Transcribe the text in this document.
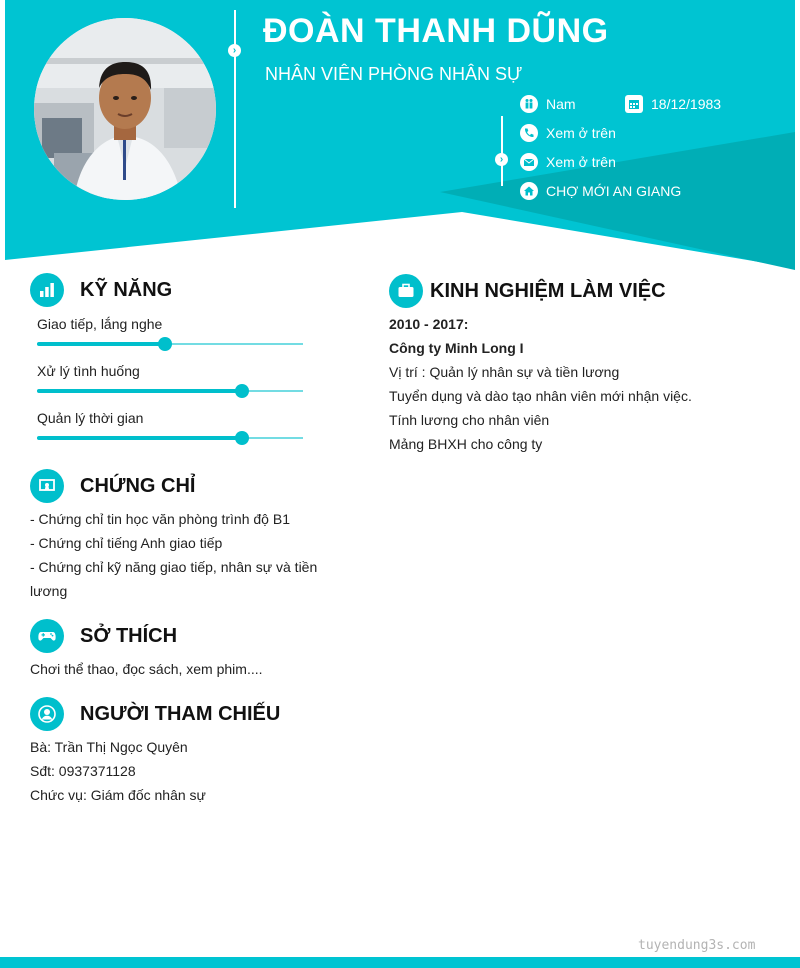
›
›
ĐOÀN THANH DŨNG
NHÂN VIÊN PHÒNG NHÂN SỰ
Nam	18/12/1983
Xem ở trên
Xem ở trên
CHỢ MỚI AN GIANG
KỸ NĂNG
Giao tiếp, lắng nghe
Xử lý tình huống
Quản lý thời gian
CHỨNG CHỈ
- Chứng chỉ tin học văn phòng trình độ B1
- Chứng chỉ tiếng Anh giao tiếp
- Chứng chỉ kỹ năng giao tiếp, nhân sự và tiền
lương
SỞ THÍCH
Chơi thể thao, đọc sách, xem phim....
NGƯỜI THAM CHIẾU
Bà: Trần Thị Ngọc Quyên
Sđt: 0937371128
Chức vụ: Giám đốc nhân sự
KINH NGHIỆM LÀM VIỆC
2010 - 2017:
Công ty Minh Long I
Vị trí : Quản lý nhân sự và tiền lương
Tuyển dụng và dào tạo nhân viên mới nhận việc.
Tính lương cho nhân viên
Mảng BHXH cho công ty
tuyendung3s.com
